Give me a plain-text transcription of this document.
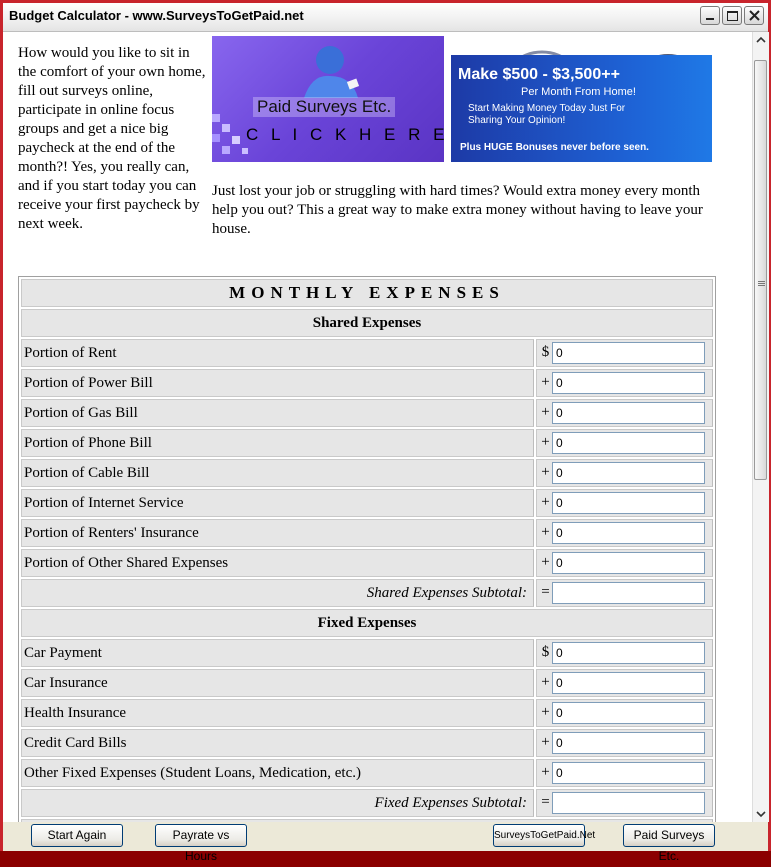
Budget Calculator - www.SurveysToGetPaid.net
How would you like to sit in the comfort of your own home, fill out surveys online, participate in online focus groups and get a nice big paycheck at the end of the month?! Yes, you really can, and if you start today you can receive your first paycheck by next week.
Paid Surveys Etc.
C L I C K H E R E
Make $500 - $3,500++
Per Month From Home!
Start Making Money Today Just For Sharing Your Opinion!
Plus HUGE Bonuses never before seen.
Just lost your job or struggling with hard times? Would extra money every month help you out? This a great way to make extra money without having to leave your house.
MONTHLY EXPENSES	
Shared Expenses	
Portion of Rent	$ 0
Portion of Power Bill	+ 0
Portion of Gas Bill	+ 0
Portion of Phone Bill	+ 0
Portion of Cable Bill	+ 0
Portion of Internet Service	+ 0
Portion of Renters' Insurance	+ 0
Portion of Other Shared Expenses	+ 0
Shared Expenses Subtotal:	=
Fixed Expenses	
Car Payment	$ 0
Car Insurance	+ 0
Health Insurance	+ 0
Credit Card Bills	+ 0
Other Fixed Expenses (Student Loans, Medication, etc.)	+ 0
Fixed Expenses Subtotal:	=

Start Again	Payrate vs Hours
SurveysToGetPaid.Net	Paid Surveys Etc.
